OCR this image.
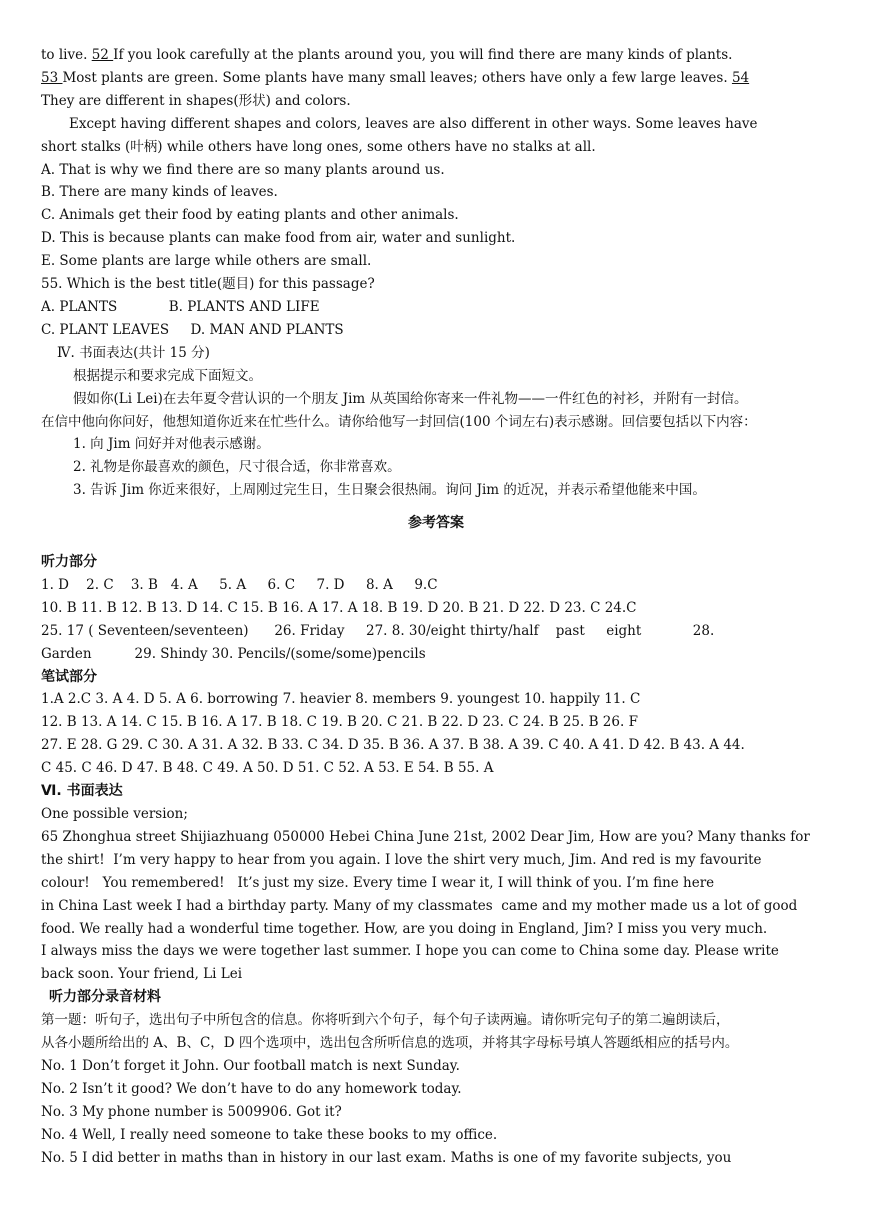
to live. 52 If you look carefully at the plants around you, you will find there are many kinds of plants.
53 Most plants are green. Some plants have many small leaves; others have only a few large leaves. 54
They are different in shapes(形状) and colors.
Except having different shapes and colors, leaves are also different in other ways. Some leaves have
short stalks (叶柄) while others have long ones, some others have no stalks at all.
A. That is why we find there are so many plants around us.
B. There are many kinds of leaves.
C. Animals get their food by eating plants and other animals.
D. This is because plants can make food from air, water and sunlight.
E. Some plants are large while others are small.
55. Which is the best title(题目) for this passage?
A. PLANTS            B. PLANTS AND LIFE
C. PLANT LEAVES     D. MAN AND PLANTS
Ⅳ. 书面表达(共计 15 分)
根据提示和要求完成下面短文。
假如你(Li Lei)在去年夏令营认识的一个朋友 Jim 从英国给你寄来一件礼物——一件红色的衬衫，并附有一封信。
在信中他向你问好，他想知道你近来在忙些什么。请你给他写一封回信(100 个词左右)表示感谢。回信要包括以下内容：
1. 向 Jim 问好并对他表示感谢。
2. 礼物是你最喜欢的颜色，尺寸很合适，你非常喜欢。
3. 告诉 Jim 你近来很好，上周刚过完生日，生日聚会很热闹。询问 Jim 的近况，并表示希望他能来中国。
参考答案
听力部分
1. D    2. C    3. B   4. A     5. A     6. C     7. D     8. A     9.C
10. B 11. B 12. B 13. D 14. C 15. B 16. A 17. A 18. B 19. D 20. B 21. D 22. D 23. C 24.C
25. 17 ( Seventeen/seventeen)      26. Friday     27. 8. 30/eight thirty/half    past     eight            28.
Garden          29. Shindy 30. Pencils/(some/some)pencils
笔试部分
1.A 2.C 3. A 4. D 5. A 6. borrowing 7. heavier 8. members 9. youngest 10. happily 11. C
12. B 13. A 14. C 15. B 16. A 17. B 18. C 19. B 20. C 21. B 22. D 23. C 24. B 25. B 26. F
27. E 28. G 29. C 30. A 31. A 32. B 33. C 34. D 35. B 36. A 37. B 38. A 39. C 40. A 41. D 42. B 43. A 44.
C 45. C 46. D 47. B 48. C 49. A 50. D 51. C 52. A 53. E 54. B 55. A
Ⅵ. 书面表达
One possible version;
65 Zhonghua street Shijiazhuang 050000 Hebei China June 21st, 2002 Dear Jim, How are you? Many thanks for
the shirt!  I’m very happy to hear from you again. I love the shirt very much, Jim. And red is my favourite
colour!   You remembered!   It’s just my size. Every time I wear it, I will think of you. I’m fine here
in China Last week I had a birthday party. Many of my classmates  came and my mother made us a lot of good
food. We really had a wonderful time together. How, are you doing in England, Jim? I miss you very much.
I always miss the days we were together last summer. I hope you can come to China some day. Please write
back soon. Your friend, Li Lei
听力部分录音材料
第一题：听句子，选出句子中所包含的信息。你将听到六个句子，每个句子读两遍。请你听完句子的第二遍朗读后，
从各小题所给出的 A、B、C，D 四个选项中，选出包含所听信息的选项，并将其字母标号填人答题纸相应的括号内。
No. 1 Don’t forget it John. Our football match is next Sunday.
No. 2 Isn’t it good? We don’t have to do any homework today.
No. 3 My phone number is 5009906. Got it?
No. 4 Well, I really need someone to take these books to my office.
No. 5 I did better in maths than in history in our last exam. Maths is one of my favorite subjects, you
